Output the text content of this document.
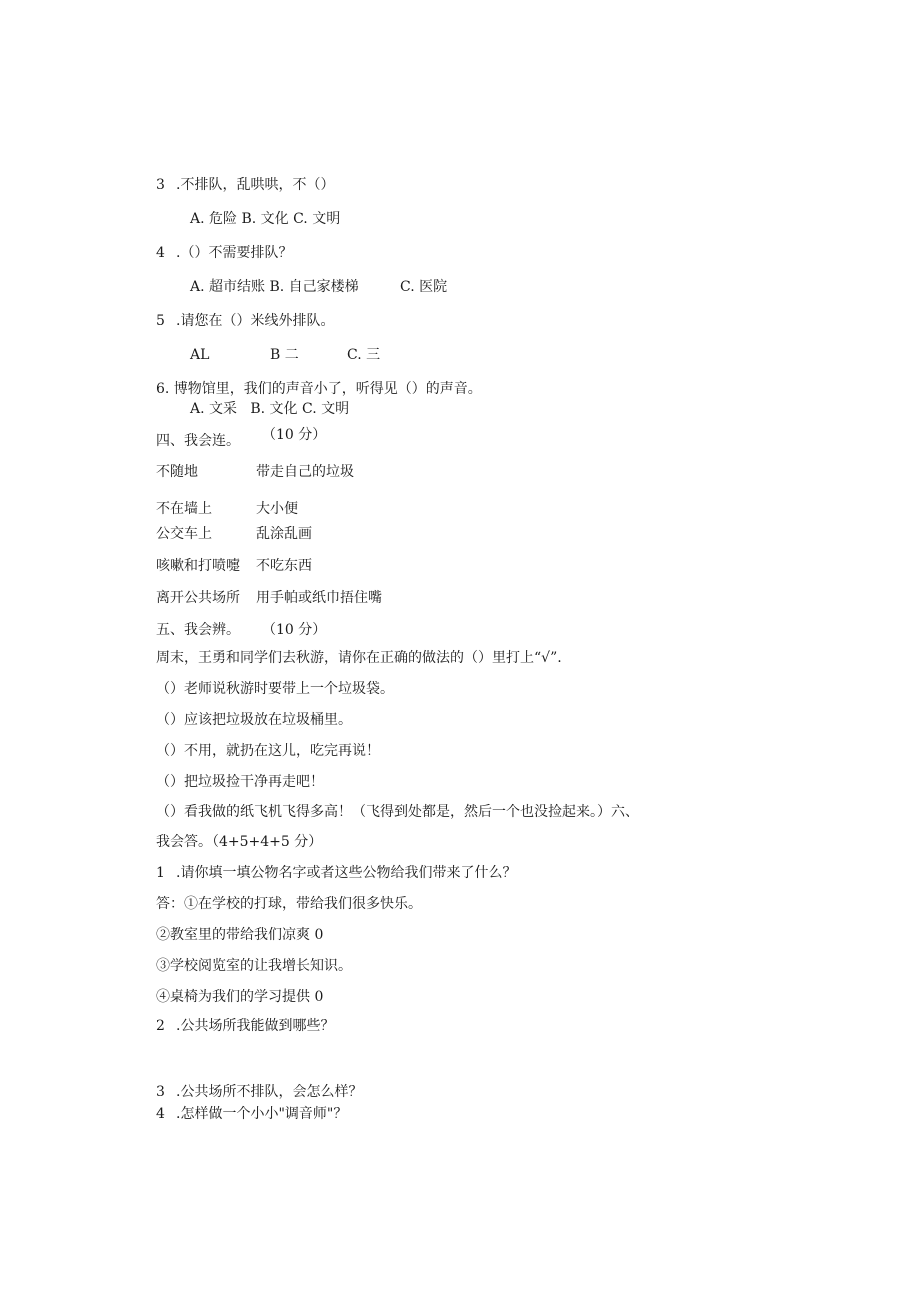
3 .不排队，乱哄哄，不（）
A. 危险 B. 文化 C. 文明
4 .（）不需要排队？
A. 超市结账 B. 自己家楼梯	C. 医院
5 .请您在（）米线外排队。
AL	B 二	C. 三
6. 博物馆里，我们的声音小了，听得见（）的声音。
A. 文采   B. 文化 C. 文明
（10 分）
四、我会连。
不随地	带走自己的垃圾
不在墙上	大小便
公交车上	乱涂乱画
咳嗽和打喷嚏 不吃东西
离开公共场所 用手帕或纸巾捂住嘴
五、我会辨。 （10 分）
周末，王勇和同学们去秋游，请你在正确的做法的（）里打上“√”.
（）老师说秋游时要带上一个垃圾袋。
（）应该把垃圾放在垃圾桶里。
（）不用，就扔在这儿，吃完再说！
（）把垃圾捡干净再走吧！
（）看我做的纸飞机飞得多高！（飞得到处都是，然后一个也没捡起来。）六、
我会答。（4+5+4+5 分）
1 .请你填一填公物名字或者这些公物给我们带来了什么？
答：①在学校的打球，带给我们很多快乐。
②教室里的带给我们凉爽 0
③学校阅览室的让我增长知识。
④桌椅为我们的学习提供 0
2 .公共场所我能做到哪些？
3 .公共场所不排队，会怎么样？
4 .怎样做一个小小"调音师"？
